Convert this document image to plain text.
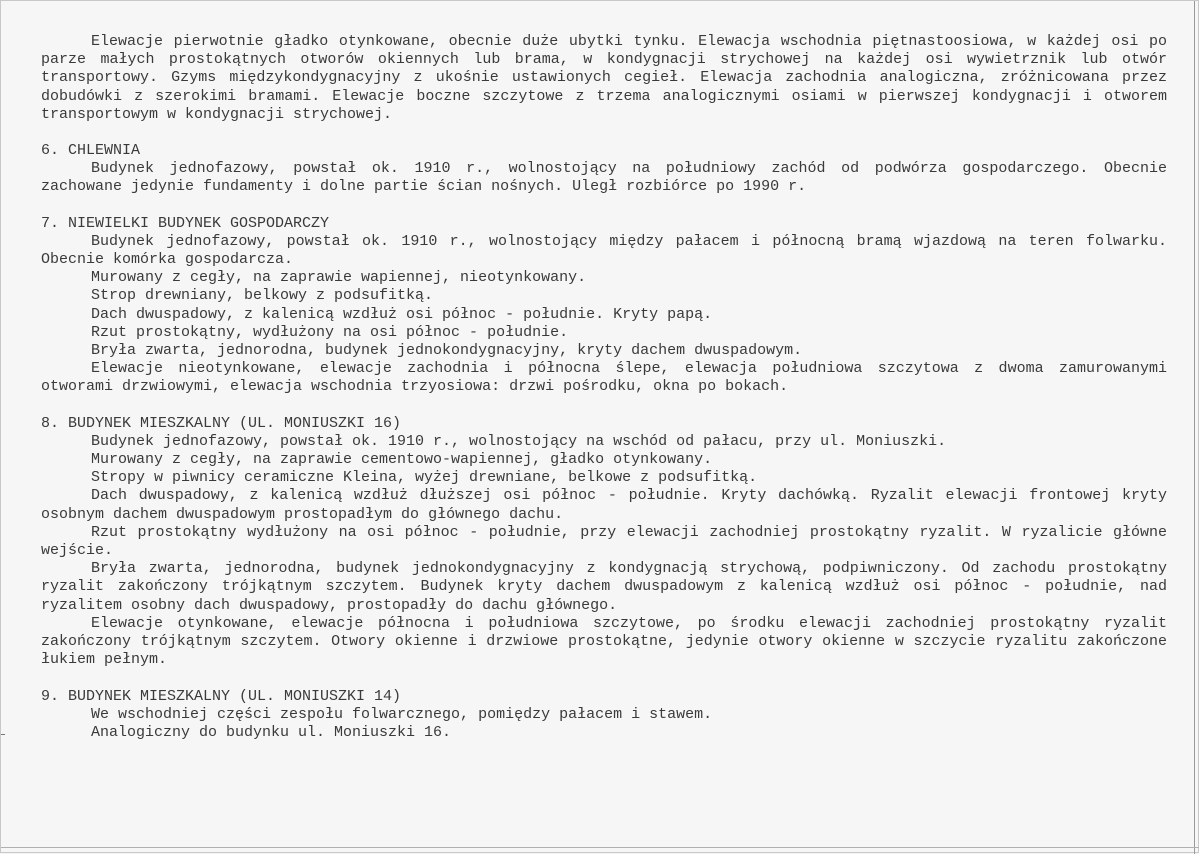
Elewacje pierwotnie gładko otynkowane, obecnie duże ubytki tynku. Elewacja wschodnia piętnastoosiowa, w każdej osi po parze małych prostokątnych otworów okiennych lub brama, w kondygnacji strychowej na każdej osi wywietrznik lub otwór transportowy. Gzyms międzykondygnacyjny z ukośnie ustawionych cegieł. Elewacja zachodnia analogiczna, zróżnicowana przez dobudówki z szerokimi bramami. Elewacje boczne szczytowe z trzema analogicznymi osiami w pierwszej kondygnacji i otworem transportowym w kondygnacji strychowej.

6. CHLEWNIA

Budynek jednofazowy, powstał ok. 1910 r., wolnostojący na południowy zachód od podwórza gospodarczego. Obecnie zachowane jedynie fundamenty i dolne partie ścian nośnych. Uległ rozbiórce po 1990 r.

7. NIEWIELKI BUDYNEK GOSPODARCZY

Budynek jednofazowy, powstał ok. 1910 r., wolnostojący między pałacem i północną bramą wjazdową na teren folwarku. Obecnie komórka gospodarcza.

Murowany z cegły, na zaprawie wapiennej, nieotynkowany.

Strop drewniany, belkowy z podsufitką.

Dach dwuspadowy, z kalenicą wzdłuż osi północ - południe. Kryty papą.

Rzut prostokątny, wydłużony na osi północ - południe.

Bryła zwarta, jednorodna, budynek jednokondygnacyjny, kryty dachem dwuspadowym.

Elewacje nieotynkowane, elewacje zachodnia i północna ślepe, elewacja południowa szczytowa z dwoma zamurowanymi otworami drzwiowymi, elewacja wschodnia trzyosiowa: drzwi pośrodku, okna po bokach.

8. BUDYNEK MIESZKALNY (UL. MONIUSZKI 16)

Budynek jednofazowy, powstał ok. 1910 r., wolnostojący na wschód od pałacu, przy ul. Moniuszki.

Murowany z cegły, na zaprawie cementowo-wapiennej, gładko otynkowany.

Stropy w piwnicy ceramiczne Kleina, wyżej drewniane, belkowe z podsufitką.

Dach dwuspadowy, z kalenicą wzdłuż dłuższej osi północ - południe. Kryty dachówką. Ryzalit elewacji frontowej kryty osobnym dachem dwuspadowym prostopadłym do głównego dachu.

Rzut prostokątny wydłużony na osi północ - południe, przy elewacji zachodniej prostokątny ryzalit. W ryzalicie główne wejście.

Bryła zwarta, jednorodna, budynek jednokondygnacyjny z kondygnacją strychową, podpiwniczony. Od zachodu prostokątny ryzalit zakończony trójkątnym szczytem. Budynek kryty dachem dwuspadowym z kalenicą wzdłuż osi północ - południe, nad ryzalitem osobny dach dwuspadowy, prostopadły do dachu głównego.

Elewacje otynkowane, elewacje północna i południowa szczytowe, po środku elewacji zachodniej prostokątny ryzalit zakończony trójkątnym szczytem. Otwory okienne i drzwiowe prostokątne, jedynie otwory okienne w szczycie ryzalitu zakończone łukiem pełnym.

9. BUDYNEK MIESZKALNY (UL. MONIUSZKI 14)

We wschodniej części zespołu folwarcznego, pomiędzy pałacem i stawem.

Analogiczny do budynku ul. Moniuszki 16.
